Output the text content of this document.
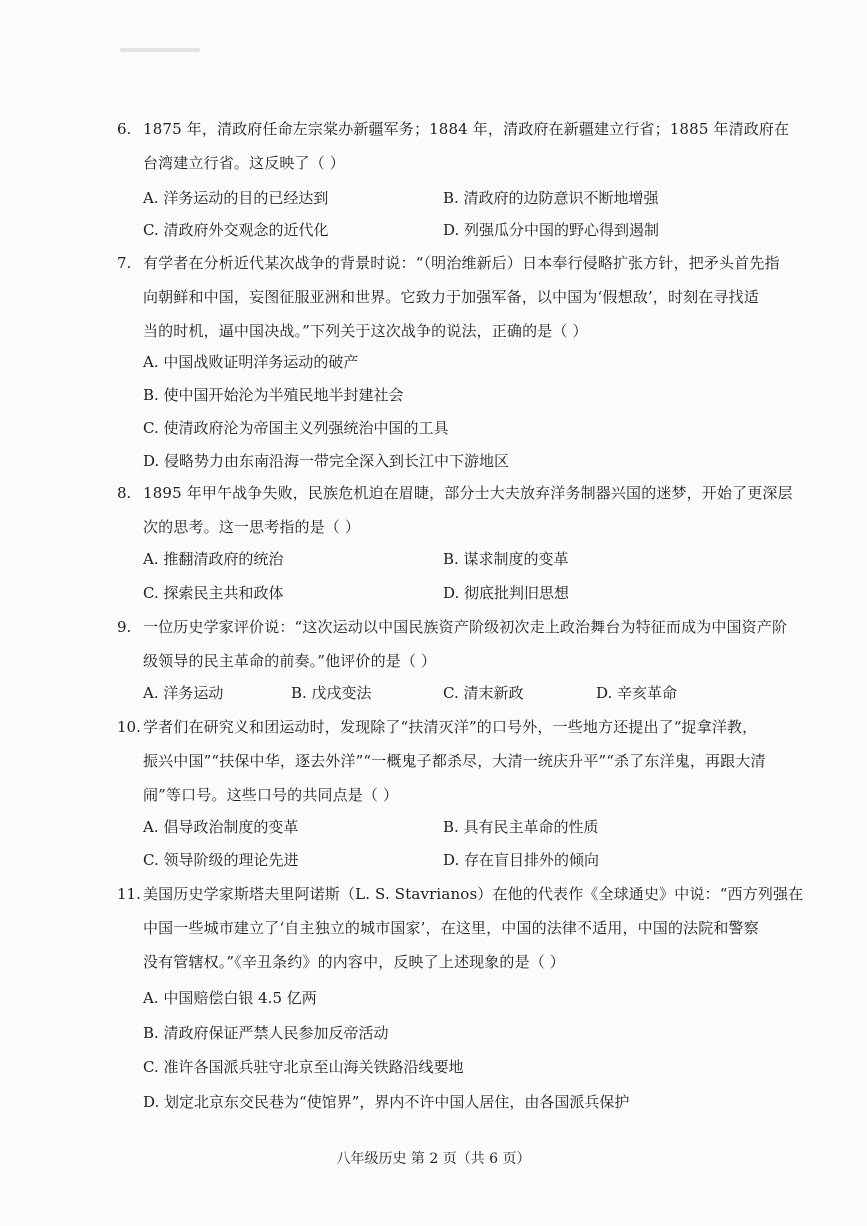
6. 1875 年，清政府任命左宗棠办新疆军务；1884 年，清政府在新疆建立行省；1885 年清政府在
台湾建立行省。这反映了（ ）
A. 洋务运动的目的已经达到	B. 清政府的边防意识不断地增强
C. 清政府外交观念的近代化	D. 列强瓜分中国的野心得到遏制
7. 有学者在分析近代某次战争的背景时说：“（明治维新后）日本奉行侵略扩张方针，把矛头首先指
向朝鲜和中国，妄图征服亚洲和世界。它致力于加强军备，以中国为‘假想敌’，时刻在寻找适
当的时机，逼中国决战。”下列关于这次战争的说法，正确的是（ ）
A. 中国战败证明洋务运动的破产
B. 使中国开始沦为半殖民地半封建社会
C. 使清政府沦为帝国主义列强统治中国的工具
D. 侵略势力由东南沿海一带完全深入到长江中下游地区
8. 1895 年甲午战争失败，民族危机迫在眉睫，部分士大夫放弃洋务制器兴国的迷梦，开始了更深层
次的思考。这一思考指的是（ ）
A. 推翻清政府的统治	B. 谋求制度的变革
C. 探索民主共和政体	D. 彻底批判旧思想
9. 一位历史学家评价说：“这次运动以中国民族资产阶级初次走上政治舞台为特征而成为中国资产阶
级领导的民主革命的前奏。”他评价的是（ ）
A. 洋务运动	B. 戊戌变法	C. 清末新政	D. 辛亥革命
10. 学者们在研究义和团运动时，发现除了“扶清灭洋”的口号外，一些地方还提出了“捉拿洋教，
振兴中国”“扶保中华，逐去外洋”“一概鬼子都杀尽，大清一统庆升平”“杀了东洋鬼，再跟大清
闹”等口号。这些口号的共同点是（ ）
A. 倡导政治制度的变革	B. 具有民主革命的性质
C. 领导阶级的理论先进	D. 存在盲目排外的倾向
11. 美国历史学家斯塔夫里阿诺斯（L. S. Stavrianos）在他的代表作《全球通史》中说：“西方列强在
中国一些城市建立了‘自主独立的城市国家’，在这里，中国的法律不适用，中国的法院和警察
没有管辖权。”《辛丑条约》的内容中，反映了上述现象的是（ ）
A. 中国赔偿白银 4.5 亿两
B. 清政府保证严禁人民参加反帝活动
C. 准许各国派兵驻守北京至山海关铁路沿线要地
D. 划定北京东交民巷为“使馆界”，界内不许中国人居住，由各国派兵保护
八年级历史 第 2 页（共 6 页）
